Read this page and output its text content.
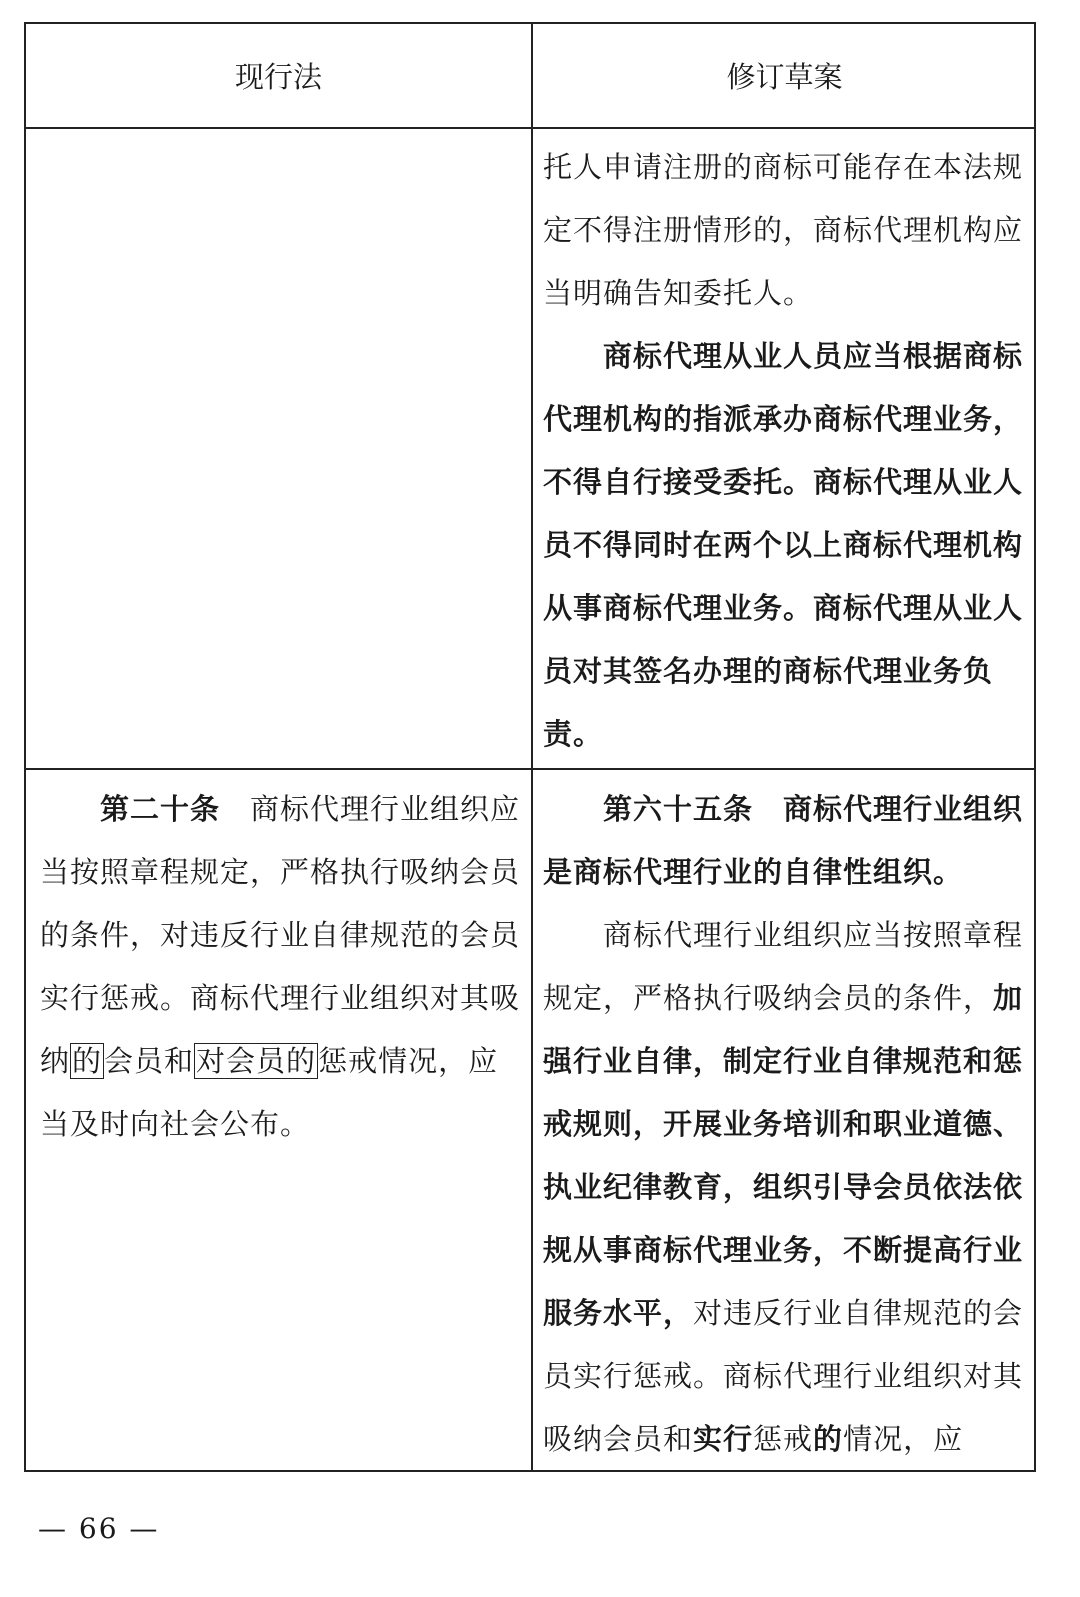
现行法	修订草案

托人申请注册的商标可能存在本法规定不得注册情形的，商标代理机构应当明确告知委托人。

商标代理从业人员应当根据商标代理机构的指派承办商标代理业务，不得自行接受委托。商标代理从业人员不得同时在两个以上商标代理机构从事商标代理业务。商标代理从业人员对其签名办理的商标代理业务负责。

第二十条　 商标代理行业组织应当按照章程规定，严格执行吸纳会员的条件，对违反行业自律规范的会员实行惩戒。商标代理行业组织对其吸纳的会员和对会员的惩戒情况，应当及时向社会公布。

第六十五条　 商标代理行业组织是商标代理行业的自律性组织。

商标代理行业组织应当按照章程规定，严格执行吸纳会员的条件，加强行业自律，制定行业自律规范和惩戒规则，开展业务培训和职业道德、执业纪律教育，组织引导会员依法依规从事商标代理业务，不断提高行业服务水平，对违反行业自律规范的会员实行惩戒。商标代理行业组织对其吸纳会员和实行惩戒的情况，应

— 66 —
